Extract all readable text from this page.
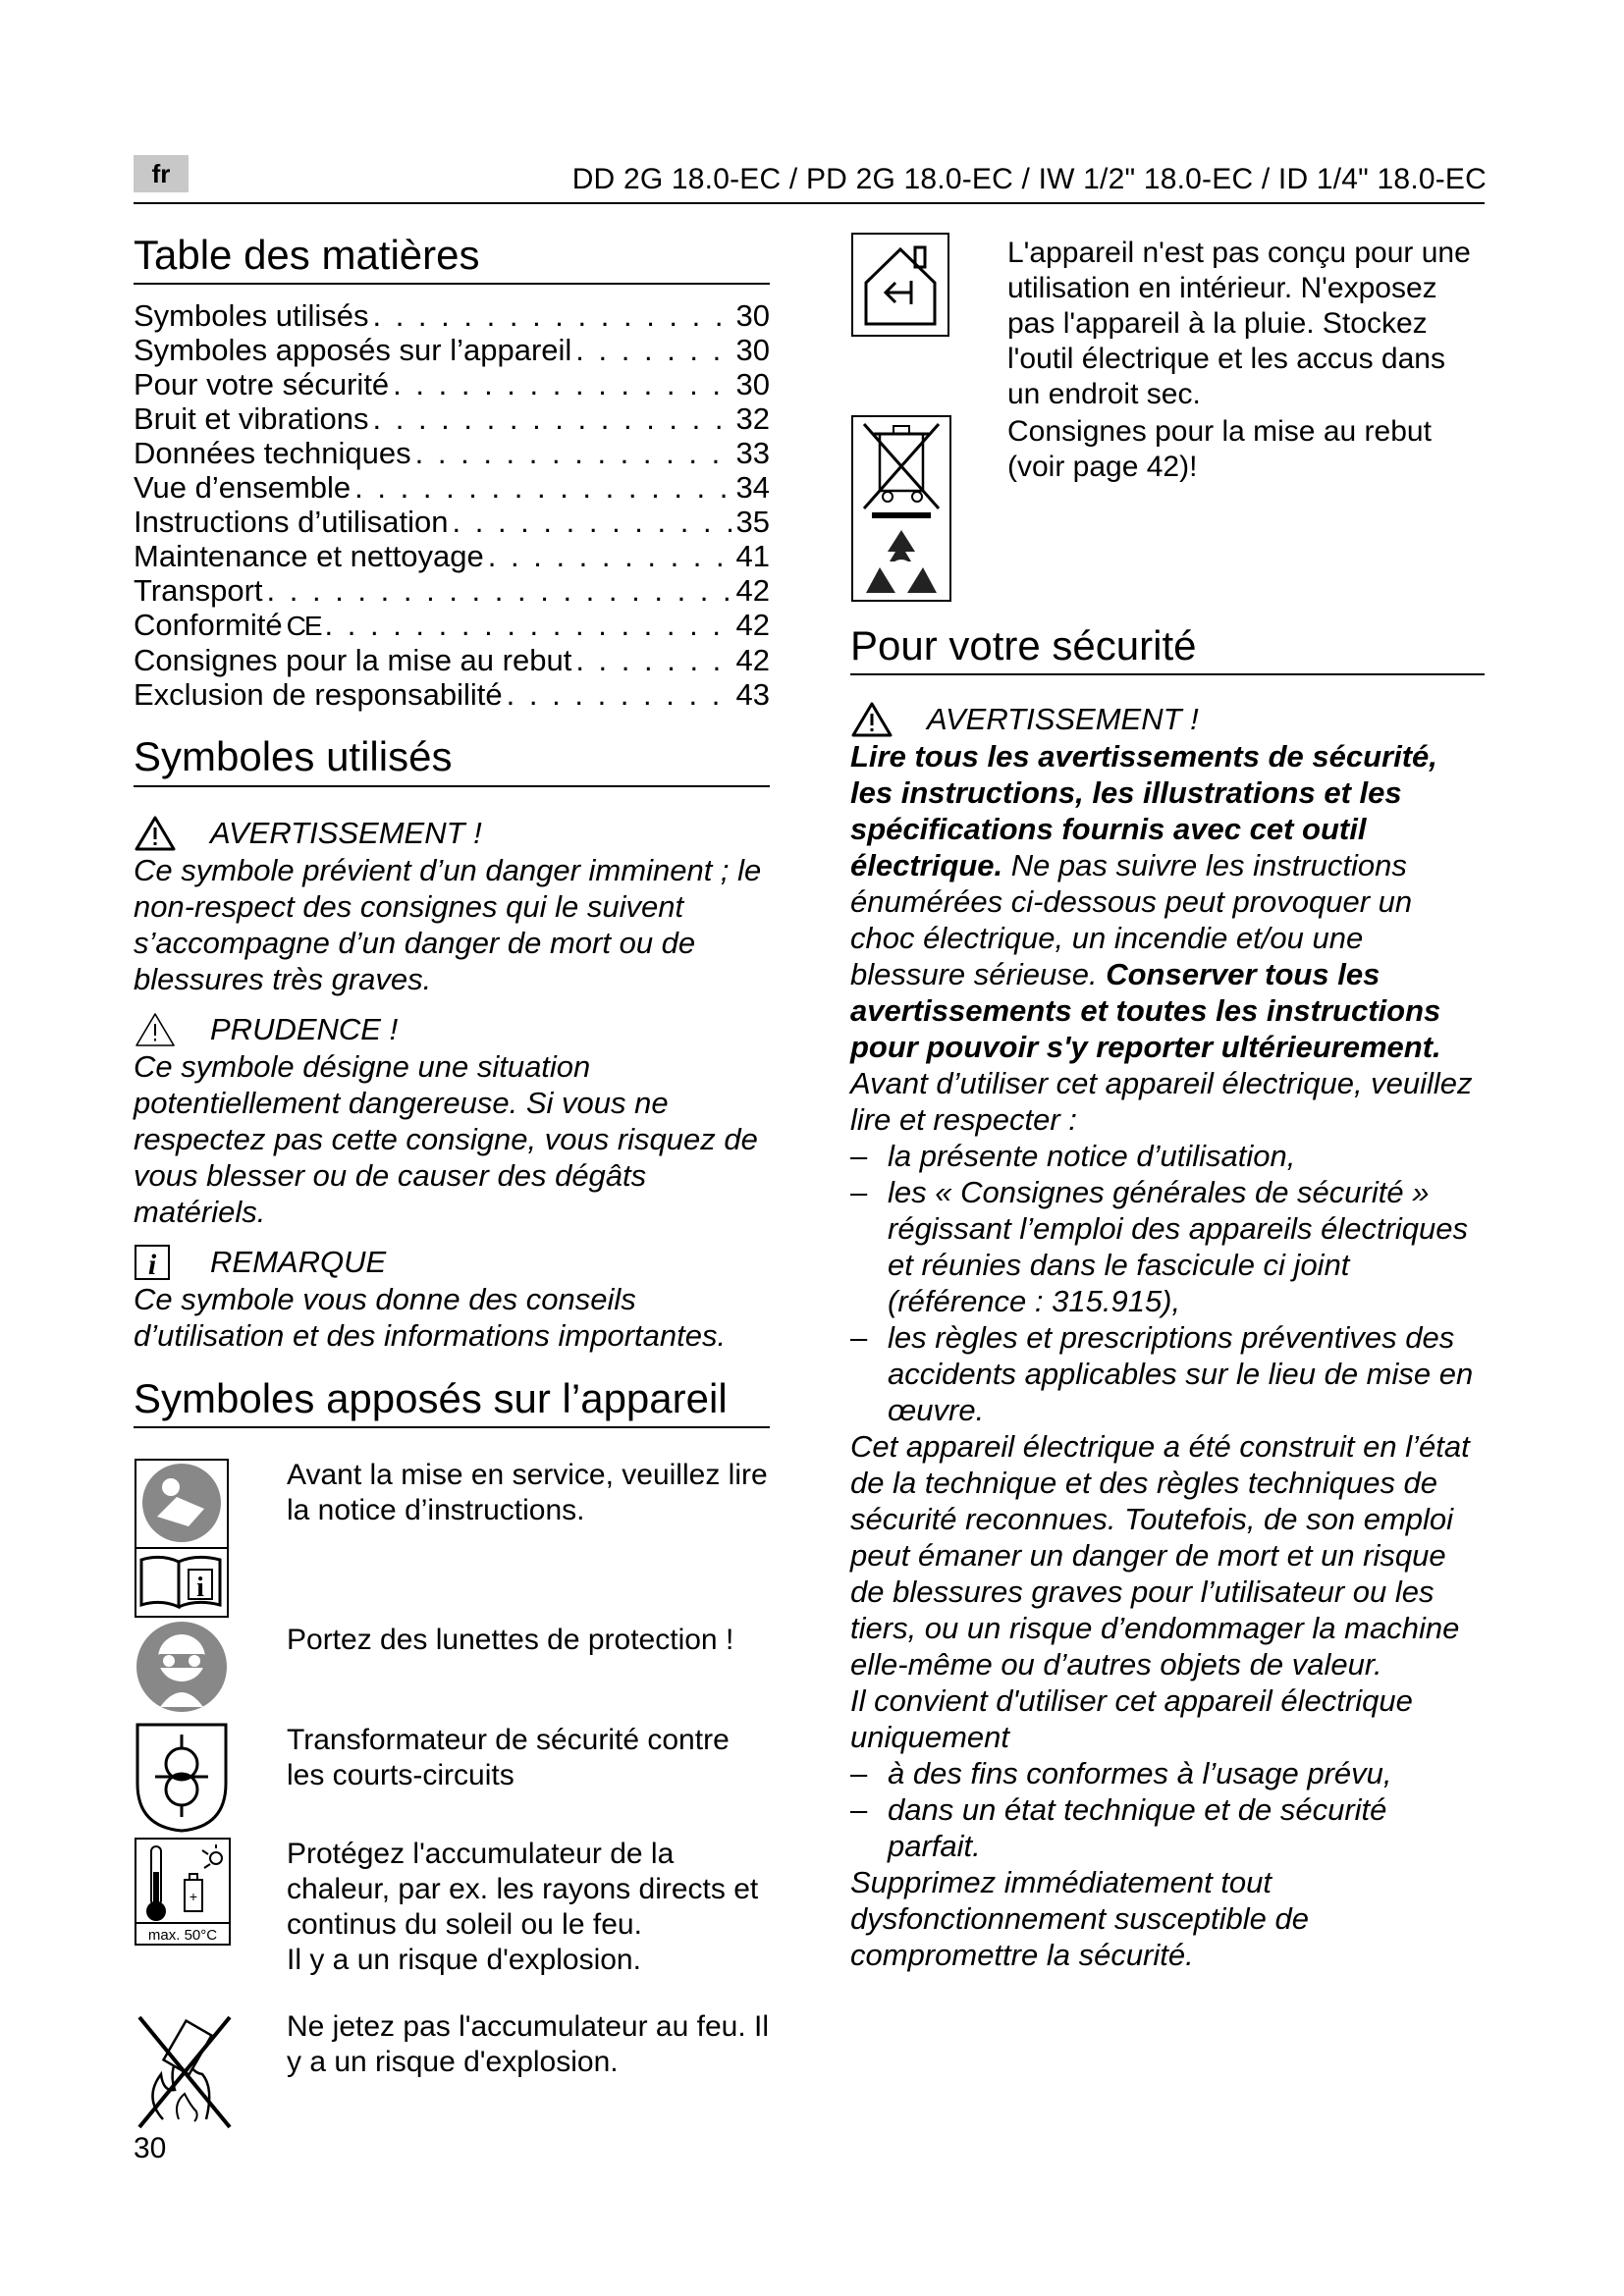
fr	DD 2G 18.0-EC / PD 2G 18.0-EC / IW 1/2" 18.0-EC / ID 1/4" 18.0-EC
Table des matières
Symboles utilisés . . .	30
Symboles apposés sur l’appareil . . .	30
Pour votre sécurité . . .	30
Bruit et vibrations . . .	32
Données techniques . . .	33
Vue d’ensemble . . .	34
Instructions d’utilisation . . .	35
Maintenance et nettoyage . . .	41
Transport . . .	42
Conformité CE . . .	42
Consignes pour la mise au rebut . . .	42
Exclusion de responsabilité . . .	43
Symboles utilisés
AVERTISSEMENT !

Ce symbole prévient d’un danger imminent ; le non-respect des consignes qui le suivent s’accompagne d’un danger de mort ou de blessures très graves.

PRUDENCE !

Ce symbole désigne une situation potentiellement dangereuse. Si vous ne respectez pas cette consigne, vous risquez de vous blesser ou de causer des dégâts matériels.

i REMARQUE

Ce symbole vous donne des conseils d’utilisation et des informations importantes.

Symboles apposés sur l’appareil
i

Avant la mise en service, veuillez lire la notice d’instructions.

Portez des lunettes de protection !

Transformateur de sécurité contre les courts-circuits

+
max. 50°C

Protégez l'accumulateur de la chaleur, par ex. les rayons directs et continus du soleil ou le feu.

Il y a un risque d'explosion.

Ne jetez pas l'accumulateur au feu. Il y a un risque d'explosion.

L'appareil n'est pas conçu pour une utilisation en intérieur. N'exposez pas l'appareil à la pluie. Stockez l'outil électrique et les accus dans un endroit sec.

Consignes pour la mise au rebut (voir page 42)!

Pour votre sécurité
AVERTISSEMENT !

Lire tous les avertissements de sécurité, les instructions, les illustrations et les spécifications fournis avec cet outil électrique. Ne pas suivre les instructions énumérées ci-dessous peut provoquer un choc électrique, un incendie et/ou une blessure sérieuse. Conserver tous les avertissements et toutes les instructions pour pouvoir s'y reporter ultérieurement.

Avant d’utiliser cet appareil électrique, veuillez lire et respecter :

– la présente notice d’utilisation,
– les « Consignes générales de sécurité » régissant l’emploi des appareils électriques et réunies dans le fascicule ci joint (référence : 315.915),
– les règles et prescriptions préventives des accidents applicables sur le lieu de mise en œuvre.

Cet appareil électrique a été construit en l’état de la technique et des règles techniques de sécurité reconnues. Toutefois, de son emploi peut émaner un danger de mort et un risque de blessures graves pour l’utilisateur ou les tiers, ou un risque d’endommager la machine elle-même ou d’autres objets de valeur.

Il convient d'utiliser cet appareil électrique uniquement

– à des fins conformes à l’usage prévu,
– dans un état technique et de sécurité parfait.

Supprimez immédiatement tout dysfonctionnement susceptible de compromettre la sécurité.

30
